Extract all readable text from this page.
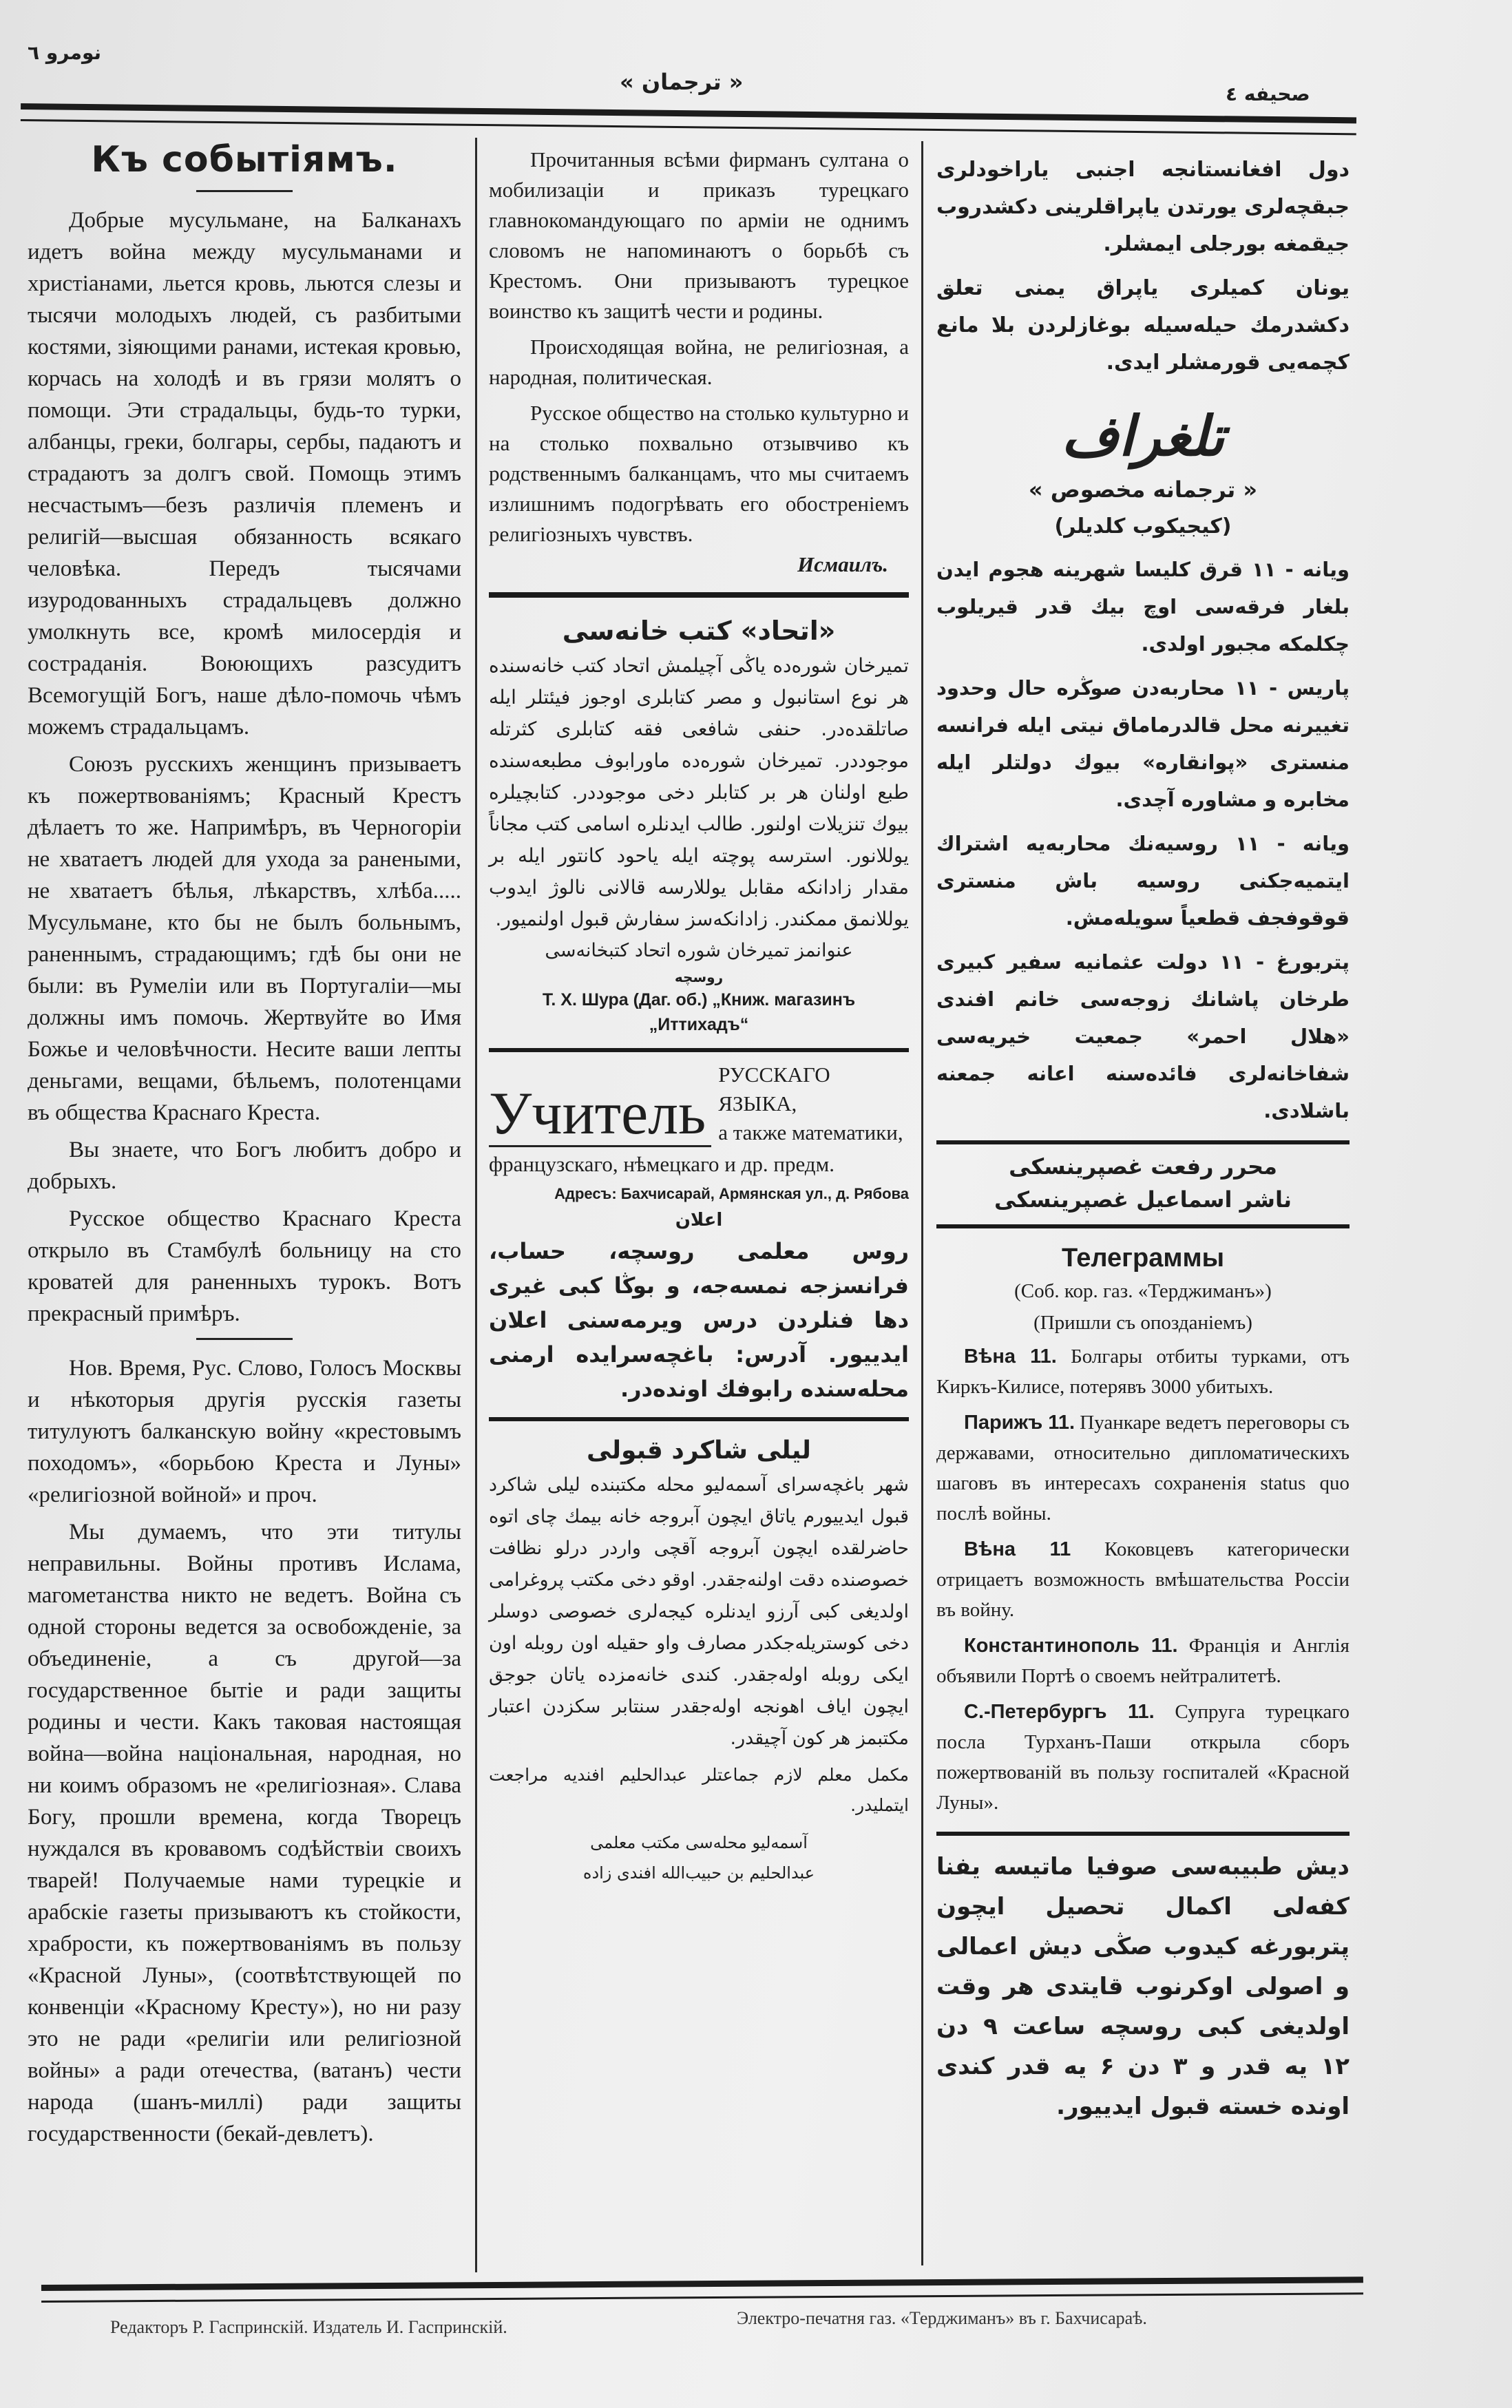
نومرو ٦
« ترجمان »	صحیفه ٤
Къ событіямъ.

Добрые мусульмане, на Балканахъ идетъ война между мусульманами и христіанами, льется кровь, льются слезы и тысячи молодыхъ людей, съ разбитыми костями, зіяющими ранами, истекая кровью, корчась на холодѣ и въ грязи молятъ о помощи. Эти страдальцы, будь-то турки, албанцы, греки, болгары, сербы, падаютъ и страдаютъ за долгъ свой. Помощь этимъ несчастымъ—безъ различія племенъ и религій—высшая обязанность всякаго человѣка. Передъ тысячами изуродованныхъ страдальцевъ должно умолкнуть все, кромѣ милосердія и состраданія. Воюющихъ разсудитъ Всемогущій Богъ, наше дѣло-помочь чѣмъ можемъ страдальцамъ.

Союзъ русскихъ женщинъ призываетъ къ пожертвованіямъ; Красный Крестъ дѣлаетъ то же. Напримѣръ, въ Черногоріи не хватаетъ людей для ухода за ранеными, не хватаетъ бѣлья, лѣкарствъ, хлѣба..... Мусульмане, кто бы не былъ больнымъ, раненнымъ, страдающимъ; гдѣ бы они не были: въ Румеліи или въ Португаліи—мы должны имъ помочь. Жертвуйте во Имя Божье и человѣчности. Несите ваши лепты деньгами, вещами, бѣльемъ, полотенцами въ общества Краснаго Креста.

Вы знаете, что Богъ любитъ добро и добрыхъ.

Русское общество Краснаго Креста открыло въ Стамбулѣ больницу на сто кроватей для раненныхъ турокъ. Вотъ прекрасный примѣръ.

Нов. Время, Рус. Слово, Голосъ Москвы и нѣкоторыя другія русскія газеты титулуютъ балканскую войну «крестовымъ походомъ», «борьбою Креста и Луны» «религіозной войной» и проч.

Мы думаемъ, что эти титулы неправильны. Войны противъ Ислама, магометанства никто не ведетъ. Война съ одной стороны ведется за освобожденіе, за объединеніе, а съ другой—за государственное бытіе и ради защиты родины и чести. Какъ таковая настоящая война—война національная, народная, но ни коимъ образомъ не «религіозная». Слава Богу, прошли времена, когда Творецъ нуждался въ кровавомъ содѣйствіи своихъ тварей! Получаемые нами турецкіе и арабскіе газеты призываютъ къ стойкости, храбрости, къ пожертвованіямъ въ пользу «Красной Луны», (соотвѣтствующей по конвенціи «Красному Кресту»), но ни разу это не ради «религіи или религіозной войны» а ради отечества, (ватанъ) чести народа (шанъ-миллі) ради защиты государственности (бекай-девлетъ).

Прочитанныя всѣми фирманъ султана о мобилизаціи и приказъ турецкаго главнокомандующаго по арміи не однимъ словомъ не напоминаютъ о борьбѣ съ Крестомъ. Они призываютъ турецкое воинство къ защитѣ чести и родины.

Происходящая война, не религіозная, а народная, политическая.

Русское общество на столько культурно и на столько похвально отзывчиво къ родственнымъ балканцамъ, что мы считаемъ излишнимъ подогрѣвать его обостреніемъ религіозныхъ чувствъ.

Исмаилъ.
«اتحاد» کتب خانه‌سی
تمیرخان شوره‌ده یاڭی آچیلمش اتحاد کتب خانه‌سنده هر نوع استانبول و مصر کتابلری اوجوز فیئتلر ایله صاتلقده‌در. حنفی شافعی فقه کتابلری کثرتله موجوددر. تمیرخان شوره‌ده ماورابوف مطبعه‌سنده طبع اولنان هر بر کتابلر دخی موجوددر. کتابچیلره بیوك تنزیلات اولنور. طالب ایدنلره اسامی کتب مجاناً یوللانور. استرسه پوچته ایله یاحود کانتور ایله بر مقدار زادانکه مقابل یوللارسه قالانی نالوژ ایدوب یوللانمق ممکندر. زادانکه‌سز سفارش قبول اولنمیور.
عنوانمز تمیرخان شوره اتحاد کتبخانه‌سی
روسچه
Т. Х. Шура (Даг. об.) „Книж. магазинъ
„Иттихадъ“
Учитель
РУССКАГО ЯЗЫКА,
а также математики,
французскаго, нѣмецкаго и др. предм.
Адресъ: Бахчисарай, Армянская ул., д. Рябова
اعلان
روس معلمی روسچه، حساب، فرانسزجه نمسه‌جه، و بوڭا کبی غیری دها فنلردن درس ویرمه‌سنی اعلان ایدییور. آدرس: باغچه‌سرایده ارمنی محله‌سنده رابوفك اونده‌در.
لیلی شاکرد قبولی
شهر باغچه‌سرای آسمه‌لیو محله مکتبنده لیلی شاکرد قبول ایدییورم یاتاق ایچون آبروجه خانه بیمك چای اتوه حاضرلقده ایچون آبروجه آقچی واردر درلو نظافت خصوصنده دقت اولنه‌جقدر. اوقو دخی مکتب پروغرامی اولدیغی کبی آرزو ایدنلره کیجه‌لری خصوصی دوسلر دخی کوستریله‌جکدر مصارف واو حقیله اون روبله اون ایکی روبله اوله‌جقدر. کندی خانه‌مزده یاتان جوجق ایچون ایاف اهونجه اوله‌جقدر سنتابر سکزدن اعتبار مکتبمز هر کون آچیقدر.
مکمل معلم لازم جماعتلر عبدالحلیم افندیه مراجعت ایتملیدر.
آسمه‌لیو محله‌سی مکتب معلمی
عبدالحلیم بن حبیب‌الله افندی زاده

دول افغانستانجه اجنبی یاراخودلری جبقچه‌لری یورتدن یاپراقلرینی دکشدروب جیقمغه بورجلی ایمشلر.

یونان کمیلری یاپراق یمنی تعلق دکشدرمك حیله‌سیله بوغازلردن بلا مانع کچمه‌یی قورمشلر ایدی.

تلغراف
« ترجمانه مخصوص »
(کیجیکوب کلدیلر)

ویانه - ۱۱ قرق کلیسا شهرینه هجوم ایدن بلغار فرقه‌سی اوچ بیك قدر قیریلوب چکلمکه مجبور اولدی.

پاریس - ۱۱ محاربه‌دن صوڭره حال وحدود تغییرنه محل قالدرماماق نیتی ایله فرانسه منستری «پوانقاره» بیوك دولتلر ایله مخابره و مشاوره آچدی.

ویانه - ۱۱ روسیه‌نك محاربه‌یه اشتراك ایتمیه‌جکنی روسیه باش منستری قوقوفجف قطعیاً سویله‌مش.

پتربورغ - ۱۱ دولت عثمانیه سفیر کبیری طرخان پاشانك زوجه‌سی خانم افندی «هلال احمر» جمعیت خیریه‌سی شفاخانه‌لری فائده‌سنه اعانه جمعنه باشلادی.

محرر رفعت غصپرینسکی
ناشر اسماعیل غصپرینسکی
Телеграммы
(Соб. кор. газ. «Терджиманъ»)
(Пришли съ опозданіемъ)

Вѣна 11. Болгары отбиты турками, отъ Киркъ-Килисе, потерявъ 3000 убитыхъ.

Парижъ 11. Пуанкаре ведетъ переговоры съ державами, относительно дипломатическихъ шаговъ въ интересахъ сохраненія status quo послѣ войны.

Вѣна 11 Коковцевъ категорически отрицаетъ возможность вмѣшательства Россіи въ войну.

Константинополь 11. Франція и Англія объявили Портѣ о своемъ нейтралитетѣ.

С.-Петербургъ 11. Супруга турецкаго посла Турханъ-Паши открыла сборъ пожертвованій въ пользу госпиталей «Красной Луны».

دیش طبیبه‌سی صوفیا ماتیسه یفنا کفه‌لی اکمال تحصیل ایچون پتربورغه کیدوب صڭی دیش اعمالی و اصولی اوکرنوب قایتدی هر وقت اولدیغی کبی روسچه ساعت ۹ دن ۱۲ یه قدر و ۳ دن ۶ یه قدر کندی اونده خسته قبول ایدییور.
Редакторъ Р. Гаспринскій. Издатель И. Гаспринскій.	Электро-печатня газ. «Терджиманъ» въ г. Бахчисараѣ.
